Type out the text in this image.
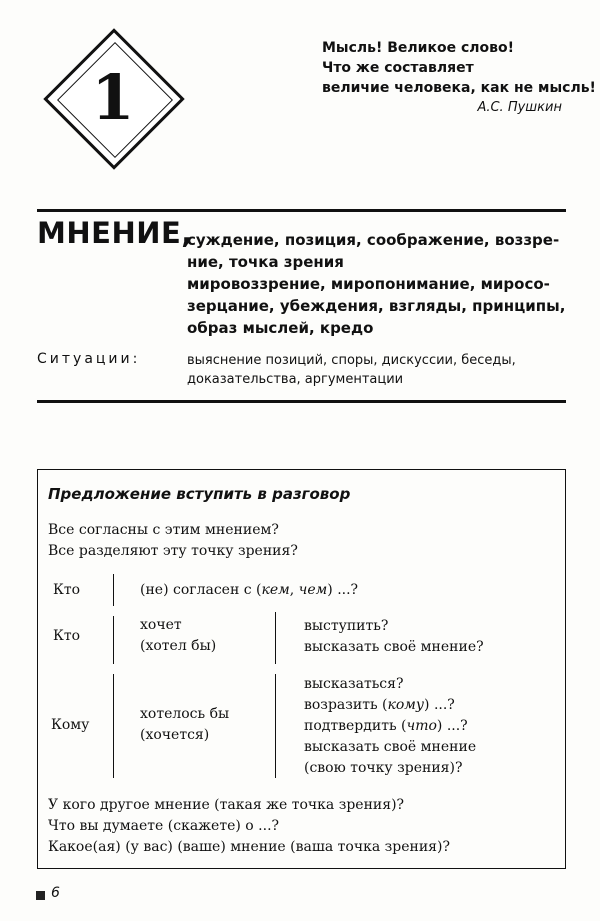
1
Мысль! Великое слово!
Что же составляет
величие человека, как не мысль!
А.С. Пушкин
МНЕНИЕ,
суждение, позиция, соображение, воззре-
ние, точка зрения
мировоззрение, миропонимание, миросо-
зерцание, убеждения, взгляды, принципы,
образ мыслей, кредо
Ситуации:	выяснение позиций, споры, дискуссии, беседы,
доказательства, аргументации
Предложение вступить в разговор
Все согласны с этим мнением?
Все разделяют эту точку зрения?
Кто	(не) согласен с (кем, чем) ...?
Кто
хочет
(хотел бы)
выступить?
высказать своё мнение?
Кому
хотелось бы
(хочется)
высказаться?
возразить (кому) ...?
подтвердить (что) ...?
высказать своё мнение
(свою точку зрения)?
У кого другое мнение (такая же точка зрения)?
Что вы думаете (скажете) о ...?
Какое(ая) (у вас) (ваше) мнение (ваша точка зрения)?
6
